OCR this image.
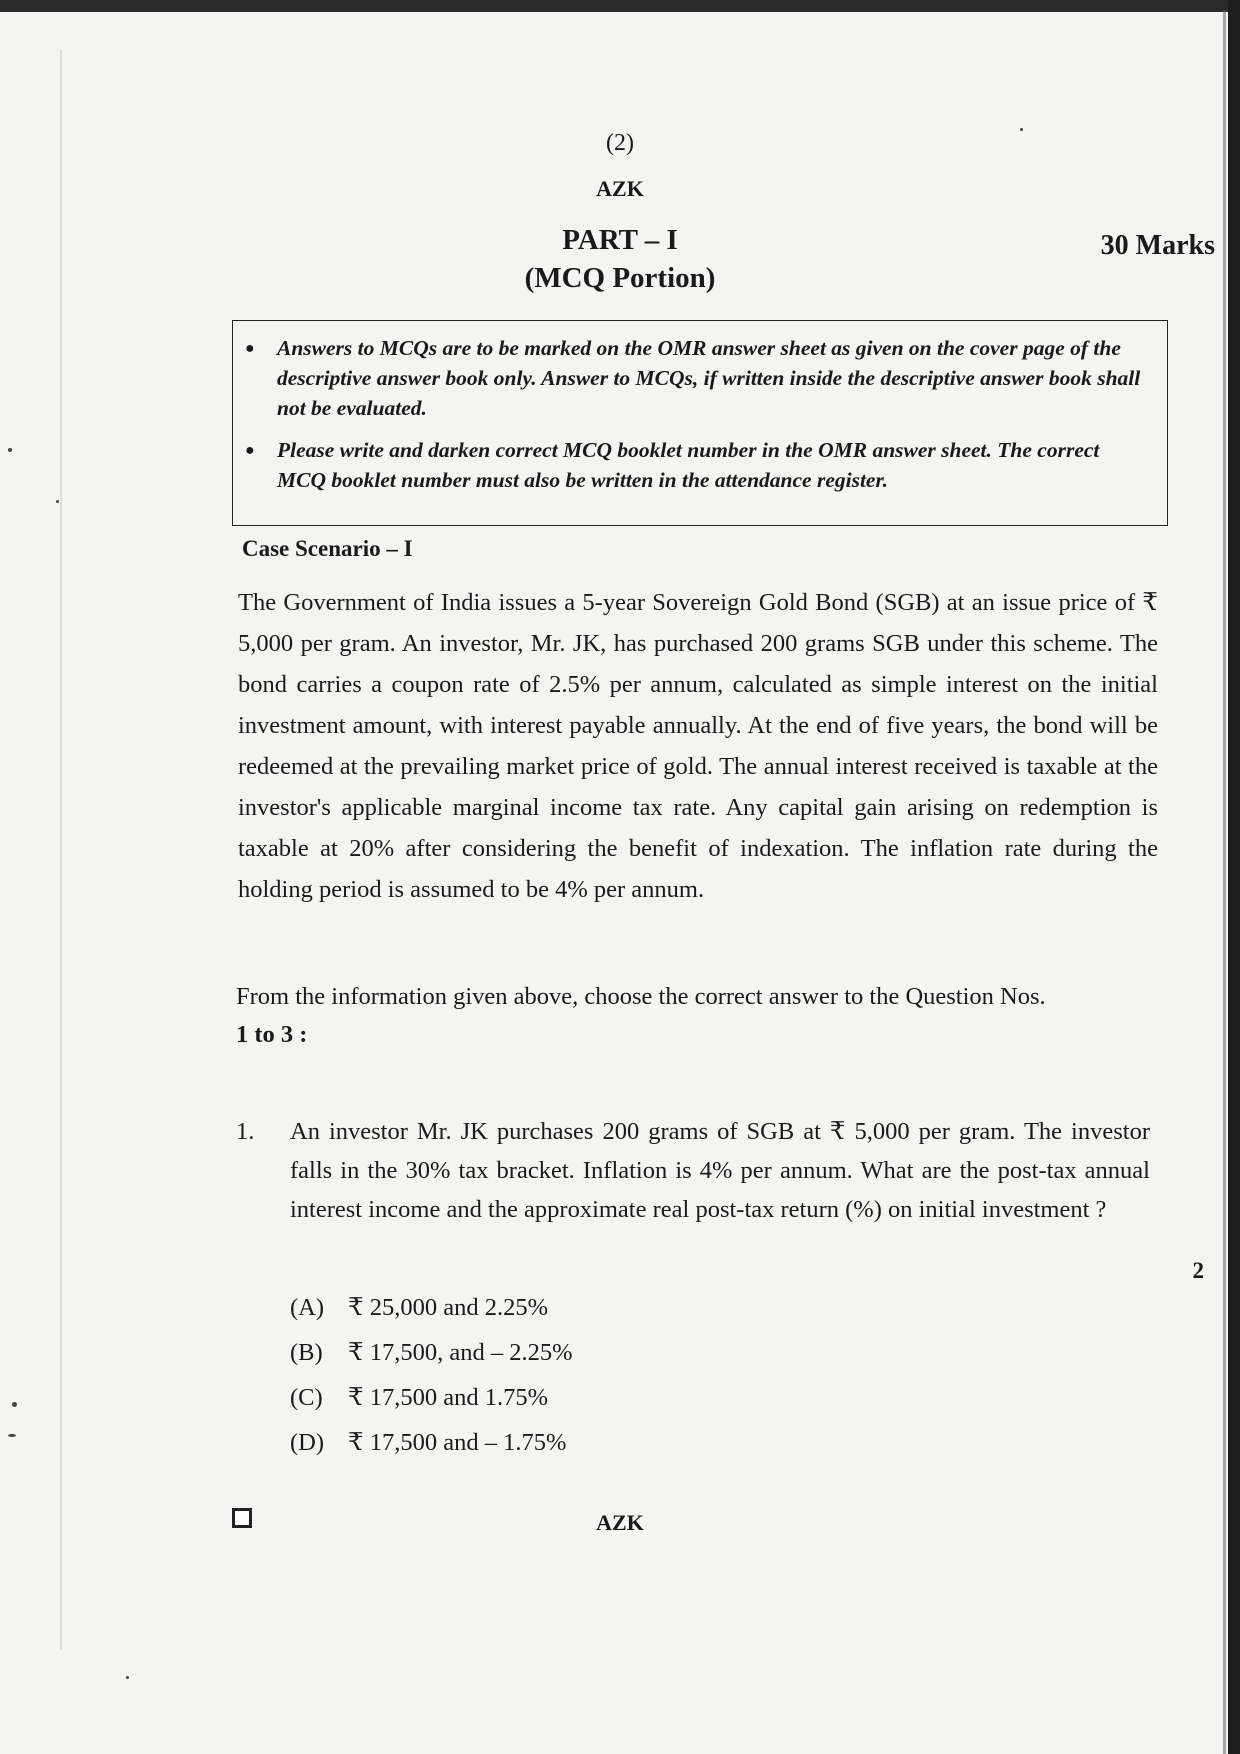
(2)
AZK
PART – I
(MCQ Portion)
30 Marks
●	Answers to MCQs are to be marked on the OMR answer sheet as given on the cover page of the descriptive answer book only. Answer to MCQs, if written inside the descriptive answer book shall not be evaluated.
●	Please write and darken correct MCQ booklet number in the OMR answer sheet. The correct MCQ booklet number must also be written in the attendance register.
Case Scenario – I
The Government of India issues a 5-year Sovereign Gold Bond (SGB) at an issue price of ₹ 5,000 per gram. An investor, Mr. JK, has purchased 200 grams SGB under this scheme. The bond carries a coupon rate of 2.5% per annum, calculated as simple interest on the initial investment amount, with interest payable annually. At the end of five years, the bond will be redeemed at the prevailing market price of gold. The annual interest received is taxable at the investor's applicable marginal income tax rate. Any capital gain arising on redemption is taxable at 20% after considering the benefit of indexation. The inflation rate during the holding period is assumed to be 4% per annum.
From the information given above, choose the correct answer to the Question Nos.
1 to 3 :
1.	An investor Mr. JK purchases 200 grams of SGB at ₹ 5,000 per gram. The investor falls in the 30% tax bracket. Inflation is 4% per annum. What are the post-tax annual interest income and the approximate real post-tax return (%) on initial investment ?
(A) ₹ 25,000 and 2.25%
(B) ₹ 17,500, and – 2.25%
(C) ₹ 17,500 and 1.75%
(D) ₹ 17,500 and – 1.75%
2
AZK
